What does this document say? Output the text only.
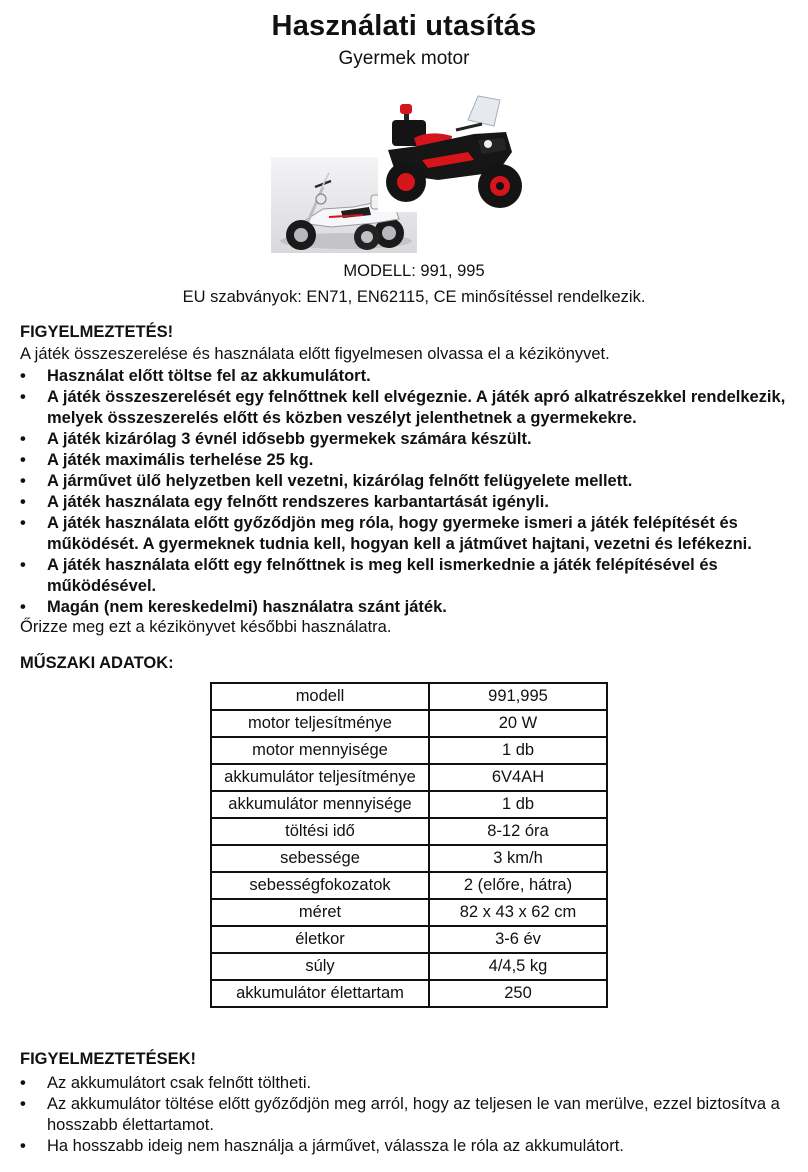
Használati utasítás
Gyermek motor
MODELL: 991, 995
EU szabványok: EN71, EN62115, CE minősítéssel rendelkezik.
FIGYELMEZTETÉS!
A játék összeszerelése és használata előtt figyelmesen olvassa el a kézikönyvet.
• Használat előtt töltse fel az akkumulátort.
• A játék összeszerelését egy felnőttnek kell elvégeznie. A játék apró alkatrészekkel rendelkezik, melyek összeszerelés előtt és közben veszélyt jelenthetnek a gyermekekre.
• A játék kizárólag 3 évnél idősebb gyermekek számára készült.
• A játék maximális terhelése 25 kg.
• A járművet ülő helyzetben kell vezetni, kizárólag felnőtt felügyelete mellett.
• A játék használata egy felnőtt rendszeres karbantartását igényli.
• A játék használata előtt győződjön meg róla, hogy gyermeke ismeri a játék felépítését és működését. A gyermeknek tudnia kell, hogyan kell a játművet hajtani, vezetni és lefékezni.
• A játék használata előtt egy felnőttnek is meg kell ismerkednie a játék felépítésével és működésével.
• Magán (nem kereskedelmi) használatra szánt játék.
Őrizze meg ezt a kézikönyvet későbbi használatra.
MŰSZAKI ADATOK:
modell	991,995
motor teljesítménye	20 W
motor mennyisége	1 db
akkumulátor teljesítménye	6V4AH
akkumulátor mennyisége	1 db
töltési idő	8-12 óra
sebessége	3 km/h
sebességfokozatok	2 (előre, hátra)
méret	82 x 43 x 62 cm
életkor	3-6 év
súly	4/4,5 kg
akkumulátor élettartam	250
FIGYELMEZTETÉSEK!
• Az akkumulátort csak felnőtt töltheti.
• Az akkumulátor töltése előtt győződjön meg arról, hogy az teljesen le van merülve, ezzel biztosítva a hosszabb élettartamot.
• Ha hosszabb ideig nem használja a járművet, válassza le róla az akkumulátort.
